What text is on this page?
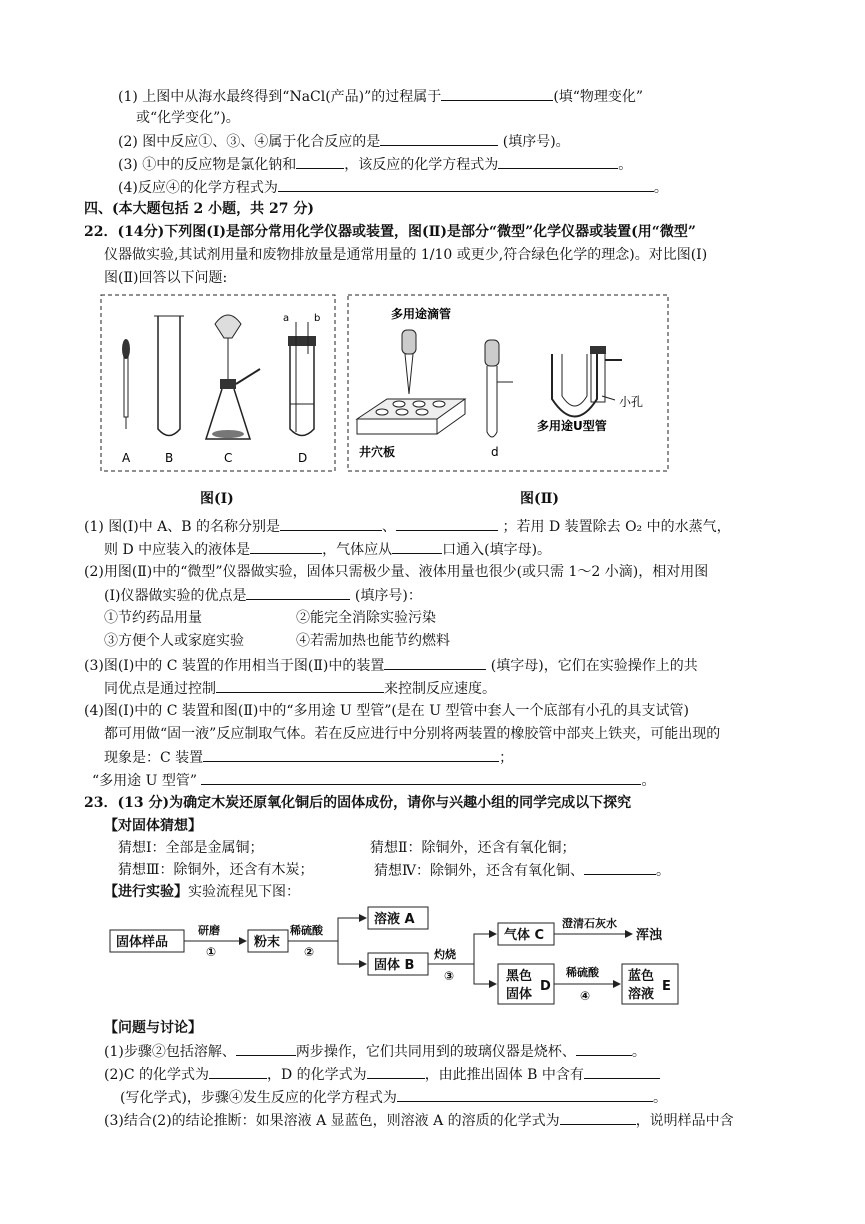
(1) 上图中从海水最终得到“NaCl(产品)”的过程属于	(填“物理变化”
或“化学变化”)。
(2) 图中反应①、③、④属于化合反应的是	(填序号)。
(3) ①中的反应物是氯化钠和	，该反应的化学方程式为	。
(4)反应④的化学方程式为	。
四、(本大题包括 2 小题，共 27 分)
22．(14分)下列图(Ⅰ)是部分常用化学仪器或装置，图(Ⅱ)是部分“微型”化学仪器或装置(用“微型”
仪器做实验,其试剂用量和废物排放量是通常用量的 1/10 或更少,符合绿色化学的理念)。对比图(Ⅰ)
图(Ⅱ)回答以下问题:
a b
A	B	C	D
图(Ⅰ)
多用途滴管
井穴板	d
小孔
多用途U型管
图(Ⅱ)
(1) 图(Ⅰ)中 A、B 的名称分别是	、	；若用 D 装置除去 O₂ 中的水蒸气，
则 D 中应装入的液体是	，气体应从	口通入(填字母)。
(2)用图(Ⅱ)中的“微型”仪器做实验，固体只需极少量、液体用量也很少(或只需 1～2 小滴)，相对用图
(Ⅰ)仪器做实验的优点是	(填序号)：
①节约药品用量	②能完全消除实验污染
③方便个人或家庭实验	④若需加热也能节约燃料
(3)图(Ⅰ)中的 C 装置的作用相当于图(Ⅱ)中的装置	(填字母)，它们在实验操作上的共
同优点是通过控制	来控制反应速度。
(4)图(Ⅰ)中的 C 装置和图(Ⅱ)中的“多用途 U 型管”(是在 U 型管中套人一个底部有小孔的具支试管)
都可用做“固一液”反应制取气体。若在反应进行中分别将两装置的橡胶管中部夹上铁夹，可能出现的
现象是：C 装置	；
“多用途 U 型管”	。
23．(13 分)为确定木炭还原氧化铜后的固体成份，请你与兴趣小组的同学完成以下探究
【对固体猜想】
猜想Ⅰ：全部是金属铜；	猜想Ⅱ：除铜外，还含有氧化铜；
猜想Ⅲ：除铜外，还含有木炭；	猜想Ⅳ：除铜外，还含有氧化铜、	。
【进行实验】实验流程见下图：
固体样品
研磨
①
粉末
稀硫酸
②
溶液 A
固体 B
灼烧
③
气体 C
澄清石灰水
浑浊
黑色
固体
D
稀硫酸
④
蓝色
溶液
E
【问题与讨论】
(1)步骤②包括溶解、	两步操作，它们共同用到的玻璃仪器是烧杯、	。
(2)C 的化学式为	，D 的化学式为	，由此推出固体 B 中含有
(写化学式)，步骤④发生反应的化学方程式为	。
(3)结合(2)的结论推断：如果溶液 A 显蓝色，则溶液 A 的溶质的化学式为	，说明样品中含
